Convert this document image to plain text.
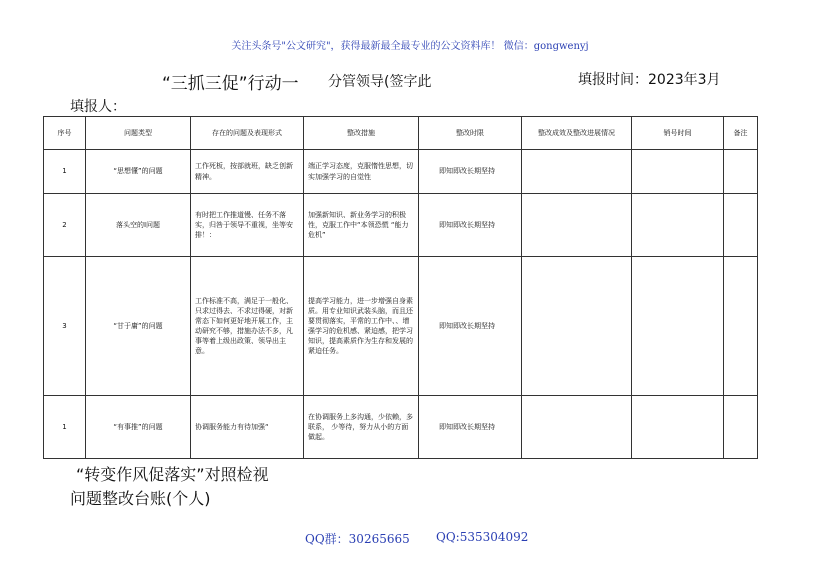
关注头条号"公文研究"，获得最新最全最专业的公文资料库！ 微信：gongwenyj
“三抓三促”行动一 分管领导(签字此	填报时间：2023年3月
填报人：
序号	问题类型	存在的问题及表现形式	整改措施	整改时限	整改成效及整改进展情况	销号时间	备注
1	“思想懂”的问题	工作死板，按部就班，缺乏创新精神。	端正学习态度，克服惰性思想，切实加强学习的自觉性	即知即改长期坚持			
2	落头空的I问题	有时把工作推道慢、任务不落实，归咎于领导不重视，坐等安 排！：	加强新知识、新业务学习的积极性，克服工作中“本领恐慌 “能力危机”	即知即改长期坚持			
3	“甘于庸”的问题	工作标准不高，满足于一般化、只求过得去、不求过得硬，对新常态下如何更好地开展工作，主动研究不够，措施办法不多，凡事等着上级出政策、领导出主意。	提高学习能力，进一步增强自身素质。用专业知识武装头脑，而且还要贯彻落实，平常的工作中、、增强学习的危机感、紧迫感，把学习知识，提高素质作为生存和发展的紧迫任务。	即知即改长期坚持			
1	“有事推”的问题	协调服务能力有待加强“	在协调服务上多沟通，少依赖，多联系， 少等待，努力从小的方面做起。	即知即改长期坚持			
“转变作风促落实”对照检视
问题整改台账(个人)
QQ群：30265665 QQ:535304092
